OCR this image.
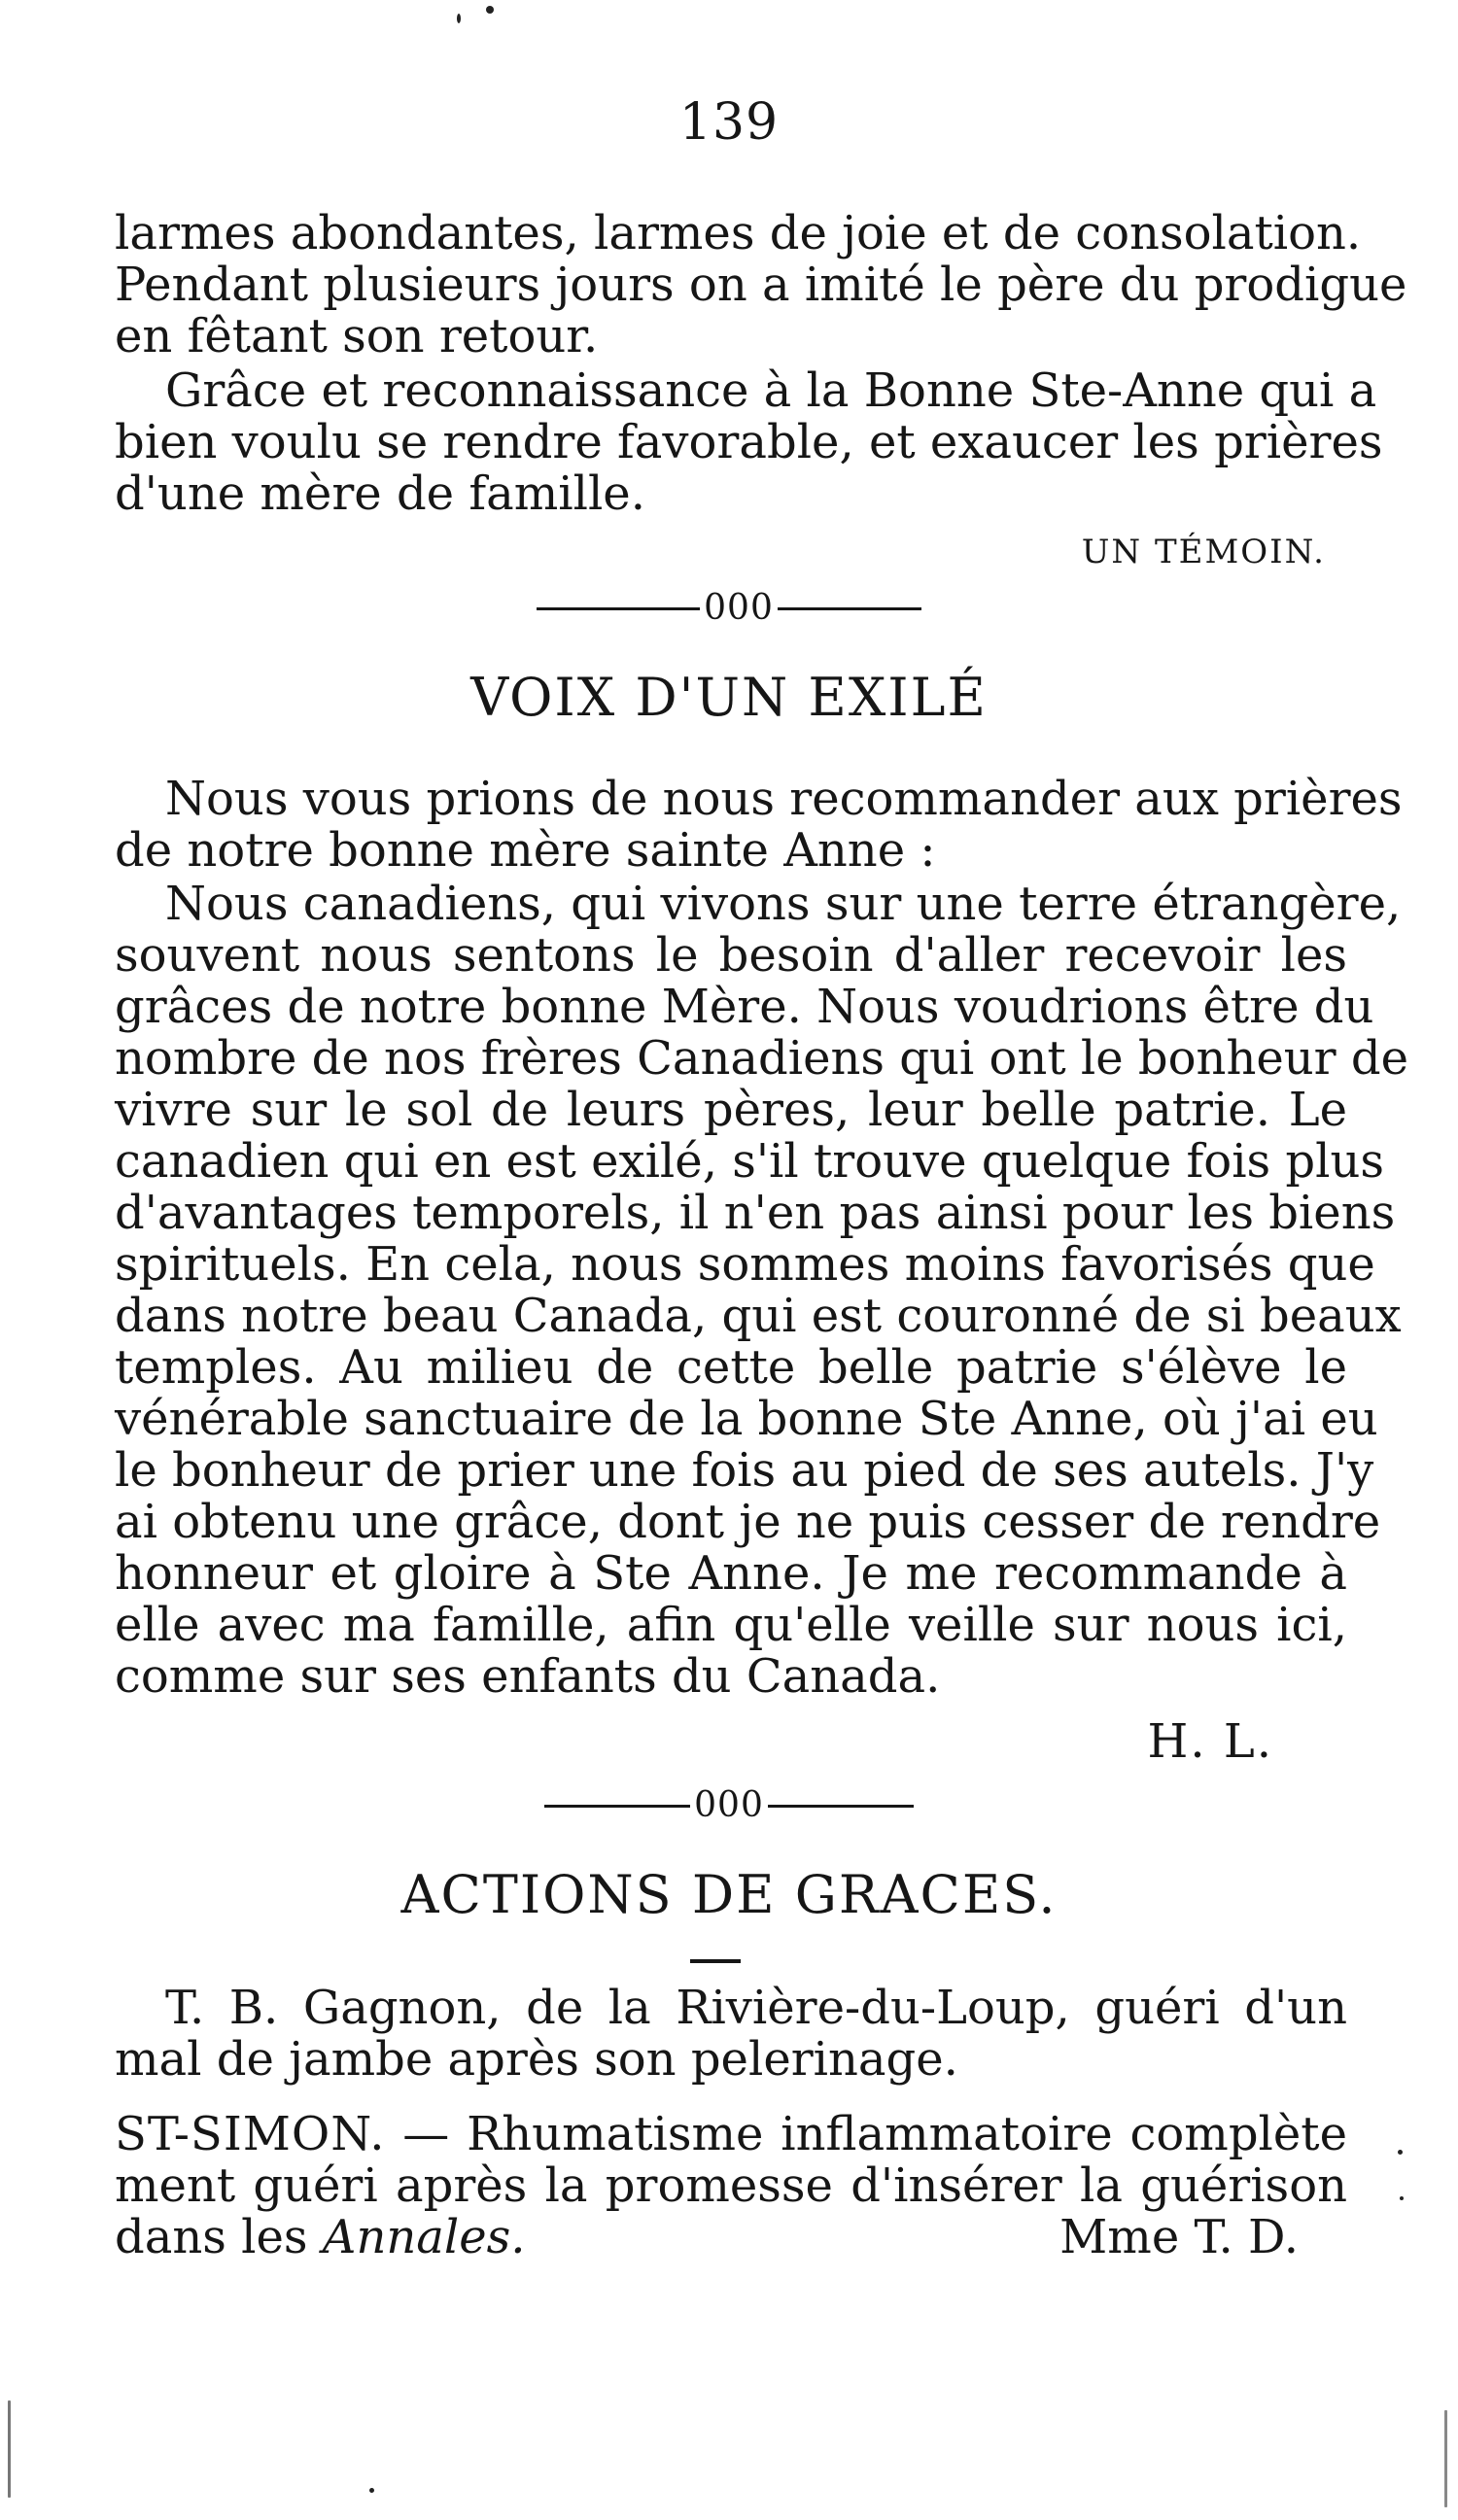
139
larmes abondantes, larmes de joie et de consolation.
Pendant plusieurs jours on a imité le père du prodigue
en fêtant son retour.
Grâce et reconnaissance à la Bonne Ste-Anne qui a
bien voulu se rendre favorable, et exaucer les prières
d'une mère de famille.
UN TÉMOIN.
000
VOIX D'UN EXILÉ
Nous vous prions de nous recommander aux prières
de notre bonne mère sainte Anne :
Nous canadiens, qui vivons sur une terre étrangère,
souvent nous sentons le besoin d'aller recevoir les
grâces de notre bonne Mère. Nous voudrions être du
nombre de nos frères Canadiens qui ont le bonheur de
vivre sur le sol de leurs pères, leur belle patrie. Le
canadien qui en est exilé, s'il trouve quelque fois plus
d'avantages temporels, il n'en pas ainsi pour les biens
spirituels. En cela, nous sommes moins favorisés que
dans notre beau Canada, qui est couronné de si beaux
temples. Au milieu de cette belle patrie s'élève le
vénérable sanctuaire de la bonne Ste Anne, où j'ai eu
le bonheur de prier une fois au pied de ses autels. J'y
ai obtenu une grâce, dont je ne puis cesser de rendre
honneur et gloire à Ste Anne. Je me recommande à
elle avec ma famille, afin qu'elle veille sur nous ici,
comme sur ses enfants du Canada.
H. L.
000
ACTIONS DE GRACES.
T. B. Gagnon, de la Rivière-du-Loup, guéri d'un
mal de jambe après son pelerinage.
ST-SIMON. — Rhumatisme inflammatoire complète
ment guéri après la promesse d'insérer la guérison
dans les Annales.	Mme T. D.
